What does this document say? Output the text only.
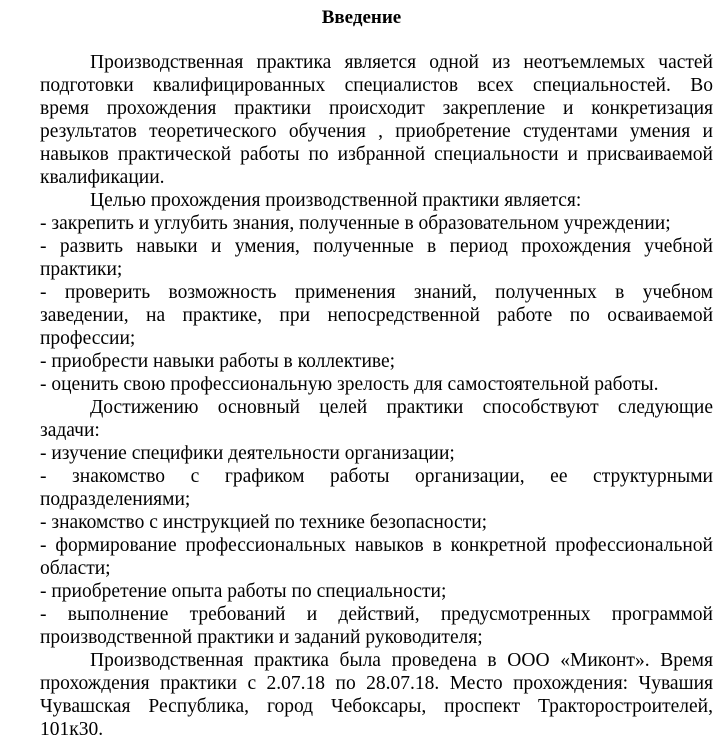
Введение
Производственная практика является одной из неотъемлемых частей
подготовки квалифицированных специалистов всех специальностей. Во
время прохождения практики происходит закрепление и конкретизация
результатов теоретического обучения , приобретение студентами умения и
навыков практической работы по избранной специальности и присваиваемой
квалификации.
Целью прохождения производственной практики является:
- закрепить и углубить знания, полученные в образовательном учреждении;
- развить навыки и умения, полученные в период прохождения учебной
практики;
- проверить возможность применения знаний, полученных в учебном
заведении, на практике, при непосредственной работе по осваиваемой
профессии;
- приобрести навыки работы в коллективе;
- оценить свою профессиональную зрелость для самостоятельной работы.
Достижению основный целей практики способствуют следующие
задачи:
- изучение специфики деятельности организации;
- знакомство с графиком работы организации, ее структурными
подразделениями;
- знакомство с инструкцией по технике безопасности;
- формирование профессиональных навыков в конкретной профессиональной
области;
- приобретение опыта работы по специальности;
- выполнение требований и действий, предусмотренных программой
производственной практики и заданий руководителя;
Производственная практика была проведена в ООО «Миконт». Время
прохождения практики с 2.07.18 по 28.07.18. Место прохождения: Чувашия
Чувашская Республика, город Чебоксары, проспект Тракторостроителей,
101к30.
